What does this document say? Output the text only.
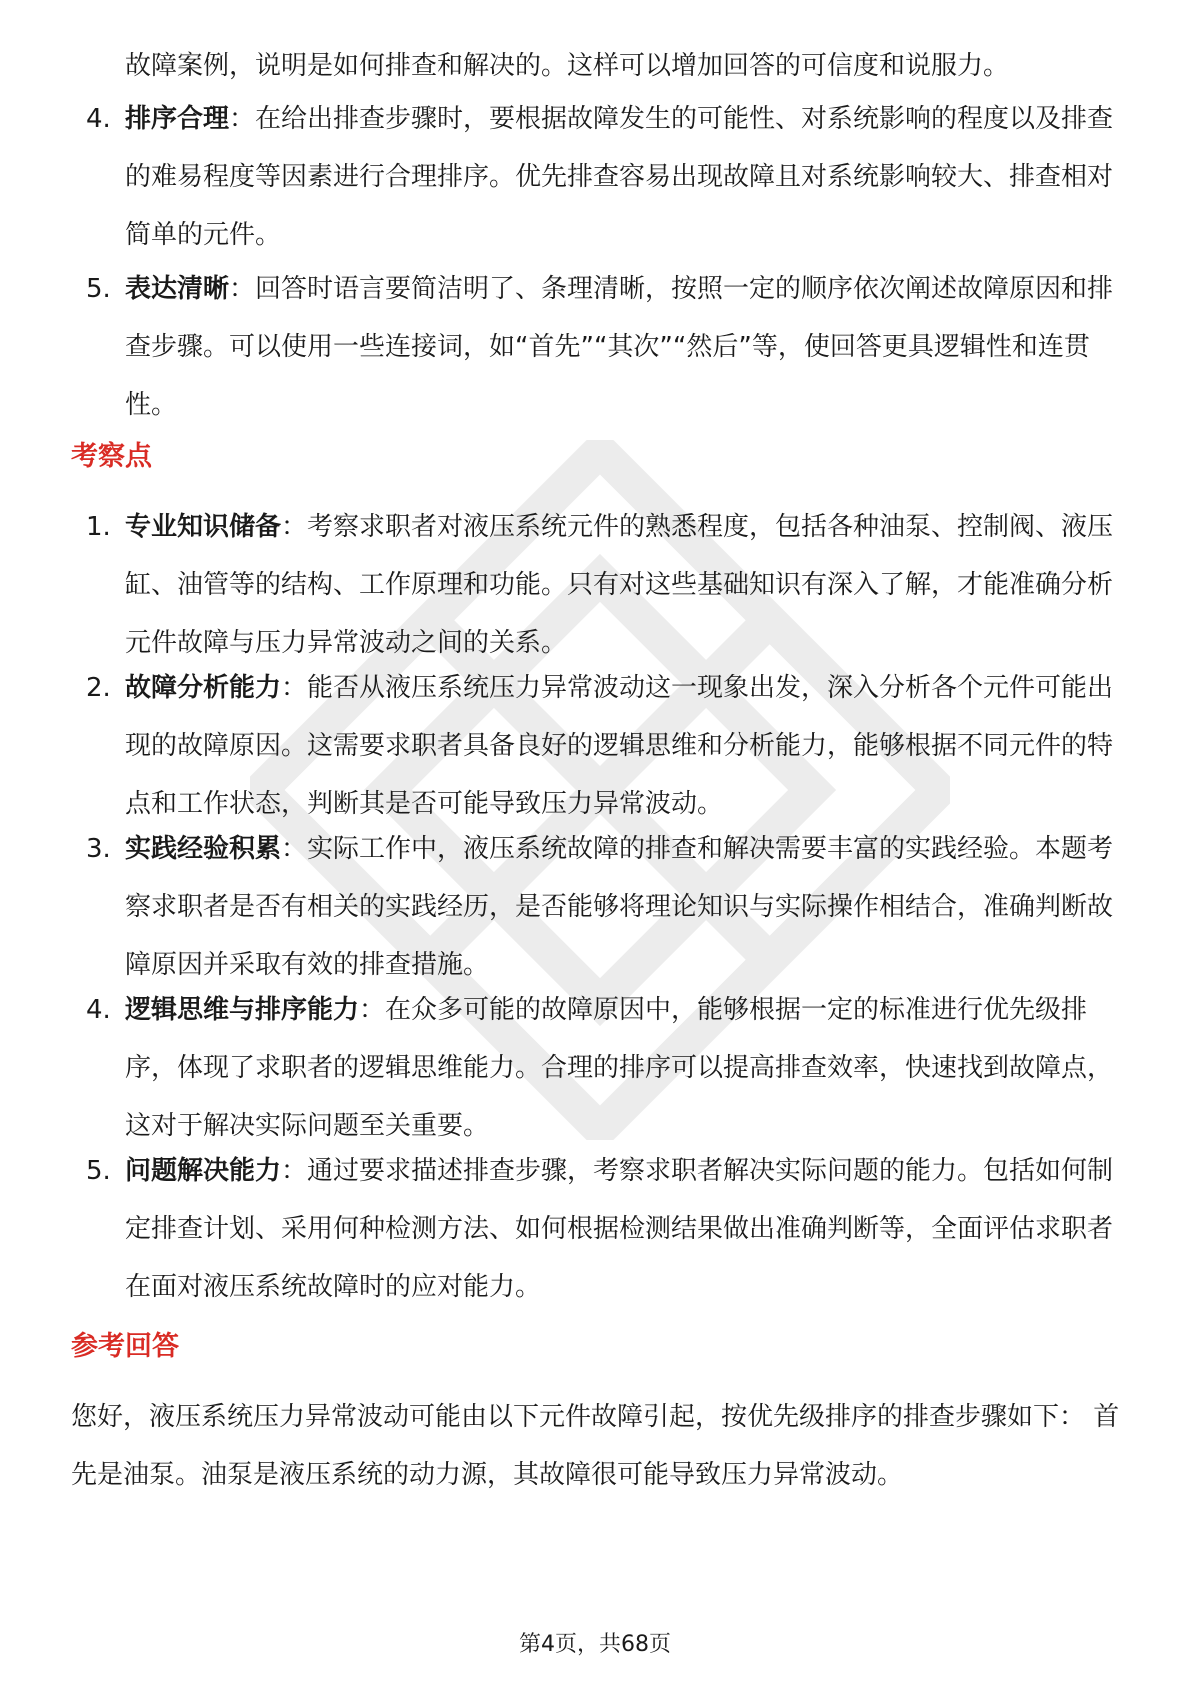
故障案例，说明是如何排查和解决的。这样可以增加回答的可信度和说服力。
4. 排序合理：在给出排查步骤时，要根据故障发生的可能性、对系统影响的程度以及排查的难易程度等因素进行合理排序。优先排查容易出现故障且对系统影响较大、排查相对简单的元件。
5. 表达清晰：回答时语言要简洁明了、条理清晰，按照一定的顺序依次阐述故障原因和排查步骤。可以使用一些连接词，如“首先”“其次”“然后”等，使回答更具逻辑性和连贯性。
考察点
1. 专业知识储备：考察求职者对液压系统元件的熟悉程度，包括各种油泵、控制阀、液压缸、油管等的结构、工作原理和功能。只有对这些基础知识有深入了解，才能准确分析元件故障与压力异常波动之间的关系。
2. 故障分析能力：能否从液压系统压力异常波动这一现象出发，深入分析各个元件可能出现的故障原因。这需要求职者具备良好的逻辑思维和分析能力，能够根据不同元件的特点和工作状态，判断其是否可能导致压力异常波动。
3. 实践经验积累：实际工作中，液压系统故障的排查和解决需要丰富的实践经验。本题考察求职者是否有相关的实践经历，是否能够将理论知识与实际操作相结合，准确判断故障原因并采取有效的排查措施。
4. 逻辑思维与排序能力：在众多可能的故障原因中，能够根据一定的标准进行优先级排序，体现了求职者的逻辑思维能力。合理的排序可以提高排查效率，快速找到故障点，这对于解决实际问题至关重要。
5. 问题解决能力：通过要求描述排查步骤，考察求职者解决实际问题的能力。包括如何制定排查计划、采用何种检测方法、如何根据检测结果做出准确判断等，全面评估求职者在面对液压系统故障时的应对能力。
参考回答
您好，液压系统压力异常波动可能由以下元件故障引起，按优先级排序的排查步骤如下： 首先是油泵。油泵是液压系统的动力源，其故障很可能导致压力异常波动。
第4页，共68页
